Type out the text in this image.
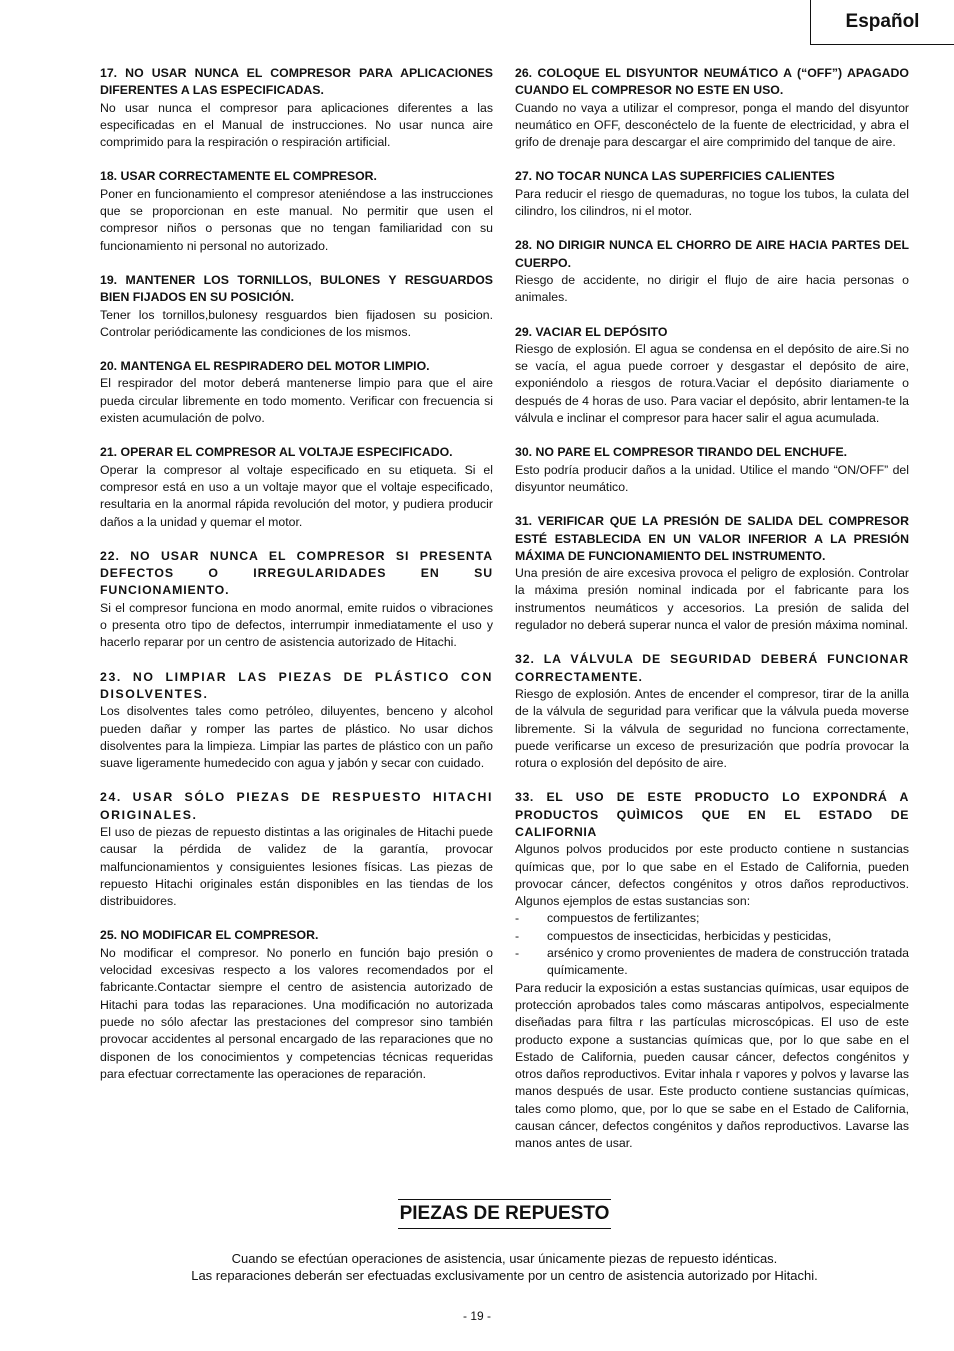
Español
17. NO USAR NUNCA EL COMPRESOR PARA APLICACIONES DIFERENTES A LAS ESPECIFICADAS.

No usar nunca el compresor para aplicaciones diferentes a las especificadas en el Manual de instrucciones. No usar nunca aire comprimido para la respiración o respiración artificial.

18. USAR CORRECTAMENTE EL COMPRESOR.

Poner en funcionamiento el compresor ateniéndose a las instrucciones que se proporcionan en este manual. No permitir que usen el compresor niños o personas que no tengan familiaridad con su funcionamiento ni personal no autorizado.

19. MANTENER LOS TORNILLOS, BULONES Y RESGUARDOS BIEN FIJADOS EN SU POSICIÓN.

Tener los tornillos,bulonesy resguardos bien fijadosen su posicion. Controlar periódicamente las condiciones de los mismos.

20. MANTENGA EL RESPIRADERO DEL MOTOR LIMPIO.

El respirador del motor deberá mantenerse limpio para que el aire pueda circular libremente en todo momento. Verificar con frecuencia si existen acumulación de polvo.

21. OPERAR EL COMPRESOR AL VOLTAJE ESPECIFICADO.

Operar la compresor al voltaje especificado en su etiqueta. Si el compresor está en uso a un voltaje mayor que el voltaje especificado, resultaria en la anormal rápida revolución del motor, y pudiera producir daños a la unidad y quemar el motor.

22. NO USAR NUNCA EL COMPRESOR SI PRESENTA DEFECTOS O IRREGULARIDADES EN SU FUNCIONAMIENTO.

Si el compresor funciona en modo anormal, emite ruidos o vibraciones o presenta otro tipo de defectos, interrumpir inmediatamente el uso y hacerlo reparar por un centro de asistencia autorizado de Hitachi.

23. NO LIMPIAR LAS PIEZAS DE PLÁSTICO CON DISOLVENTES.

Los disolventes tales como petróleo, diluyentes, benceno y alcohol pueden dañar y romper las partes de plástico. No usar dichos disolventes para la limpieza. Limpiar las partes de plástico con un paño suave ligeramente humedecido con agua y jabón y secar con cuidado.

24. USAR SÓLO PIEZAS DE RESPUESTO HITACHI ORIGINALES.

El uso de piezas de repuesto distintas a las originales de Hitachi puede causar la pérdida de validez de la garantía, provocar malfuncionamientos y consiguientes lesiones físicas. Las piezas de repuesto Hitachi originales están disponibles en las tiendas de los distribuidores.

25. NO MODIFICAR EL COMPRESOR.

No modificar el compresor. No ponerlo en función bajo presión o velocidad excesivas respecto a los valores recomendados por el fabricante.Contactar siempre el centro de asistencia autorizado de Hitachi para todas las reparaciones. Una modificación no autorizada puede no sólo afectar las prestaciones del compresor sino también provocar accidentes al personal encargado de las reparaciones que no disponen de los conocimientos y competencias técnicas requeridas para efectuar correctamente las operaciones de reparación.

26. COLOQUE EL DISYUNTOR NEUMÁTICO A (“OFF”) APAGADO CUANDO EL COMPRESOR NO ESTE EN USO.

Cuando no vaya a utilizar el compresor, ponga el mando del disyuntor neumático en OFF, desconéctelo de la fuente de electricidad, y abra el grifo de drenaje para descargar el aire comprimido del tanque de aire.

27. NO TOCAR NUNCA LAS SUPERFICIES CALIENTES

Para reducir el riesgo de quemaduras, no togue los tubos, la culata del cilindro, los cilindros, ni el motor.

28. NO DIRIGIR NUNCA EL CHORRO DE AIRE HACIA PARTES DEL CUERPO.

Riesgo de accidente, no dirigir el flujo de aire hacia personas o animales.

29. VACIAR EL DEPÓSITO

Riesgo de explosión. El agua se condensa en el depósito de aire.Si no se vacía, el agua puede corroer y desgastar el depósito de aire, exponiéndolo a riesgos de rotura.Vaciar el depósito diariamente o después de 4 horas de uso. Para vaciar el depósito, abrir lentamen-te la válvula e inclinar el compresor para hacer salir el agua acumulada.

30. NO PARE EL COMPRESOR TIRANDO DEL ENCHUFE.

Esto podría producir daños a la unidad. Utilice el mando “ON/OFF” del disyuntor neumático.

31. VERIFICAR QUE LA PRESIÓN DE SALIDA DEL COMPRESOR ESTÉ ESTABLECIDA EN UN VALOR INFERIOR A LA PRESIÓN MÁXIMA DE FUNCIONAMIENTO DEL INSTRUMENTO.

Una presión de aire excesiva provoca el peligro de explosión. Controlar la máxima presión nominal indicada por el fabricante para los instrumentos neumáticos y accesorios. La presión de salida del regulador no deberá superar nunca el valor de presión máxima nominal.

32. LA VÁLVULA DE SEGURIDAD DEBERÁ FUNCIONAR CORRECTAMENTE.

Riesgo de explosión. Antes de encender el compresor, tirar de la anilla de la válvula de seguridad para verificar que la válvula pueda moverse libremente. Si la válvula de seguridad no funciona correctamente, puede verificarse un exceso de presurización que podría provocar la rotura o explosión del depósito de aire.

33. EL USO DE ESTE PRODUCTO LO EXPONDRÁ A PRODUCTOS QUÌMICOS QUE EN EL ESTADO DE CALIFORNIA

Algunos polvos producidos por este producto contiene n sustancias químicas que, por lo que sabe en el Estado de California, pueden provocar cáncer, defectos congénitos y otros daños reproductivos. Algunos ejemplos de estas sustancias son:

- compuestos de fertilizantes;
- compuestos de insecticidas, herbicidas y pesticidas,
- arsénico y cromo provenientes de madera de construcción tratada químicamente.

Para reducir la exposición a estas sustancias químicas, usar equipos de protección aprobados tales como máscaras antipolvos, especialmente diseñadas para filtra r las partículas microscópicas. El uso de este producto expone a sustancias químicas que, por lo que sabe en el Estado de California, pueden causar cáncer, defectos congénitos y otros daños reproductivos. Evitar inhala r vapores y polvos y lavarse las manos después de usar. Este producto contiene sustancias químicas, tales como plomo, que, por lo que se sabe en el Estado de California, causan cáncer, defectos congénitos y daños reproductivos. Lavarse las manos antes de usar.

PIEZAS DE REPUESTO

Cuando se efectúan operaciones de asistencia, usar únicamente piezas de repuesto idénticas.

Las reparaciones deberán ser efectuadas exclusivamente por un centro de asistencia autorizado por Hitachi.

- 19 -
